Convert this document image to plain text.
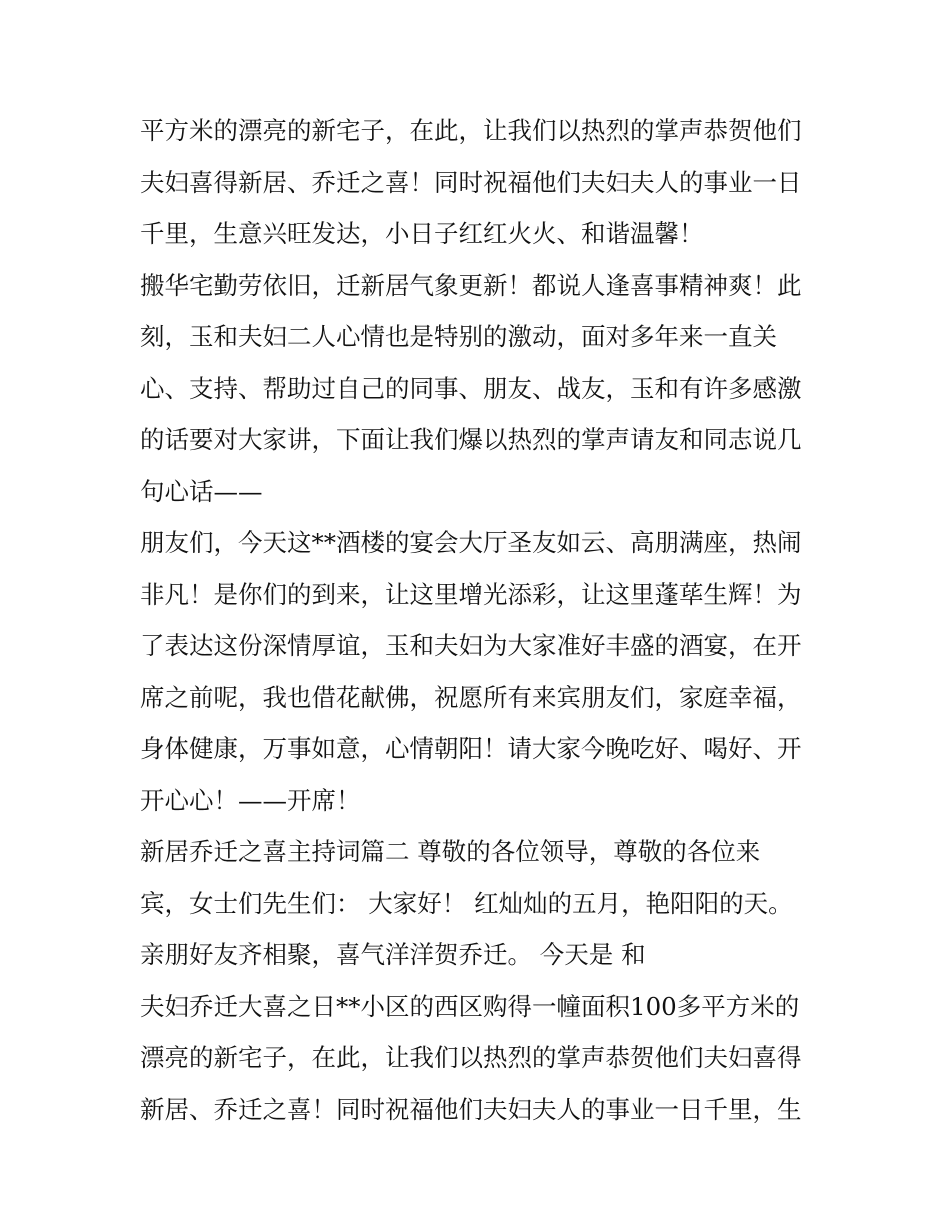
平方米的漂亮的新宅子，在此，让我们以热烈的掌声恭贺他们
夫妇喜得新居、乔迁之喜！同时祝福他们夫妇夫人的事业一日
千里，生意兴旺发达，小日子红红火火、和谐温馨！
搬华宅勤劳依旧，迁新居气象更新！都说人逢喜事精神爽！此
刻，玉和夫妇二人心情也是特别的激动，面对多年来一直关
心、支持、帮助过自己的同事、朋友、战友，玉和有许多感激
的话要对大家讲，下面让我们爆以热烈的掌声请友和同志说几
句心话——
朋友们，今天这**酒楼的宴会大厅圣友如云、高朋满座，热闹
非凡！是你们的到来，让这里增光添彩，让这里蓬荜生辉！为
了表达这份深情厚谊，玉和夫妇为大家准好丰盛的酒宴，在开
席之前呢，我也借花献佛，祝愿所有来宾朋友们，家庭幸福，
身体健康，万事如意，心情朝阳！请大家今晚吃好、喝好、开
开心心！——开席！
新居乔迁之喜主持词篇二 尊敬的各位领导，尊敬的各位来
宾，女士们先生们： 大家好！ 红灿灿的五月，艳阳阳的天。
亲朋好友齐相聚，喜气洋洋贺乔迁。 今天是 和
夫妇乔迁大喜之日**小区的西区购得一幢面积100多平方米的
漂亮的新宅子，在此，让我们以热烈的掌声恭贺他们夫妇喜得
新居、乔迁之喜！同时祝福他们夫妇夫人的事业一日千里，生
